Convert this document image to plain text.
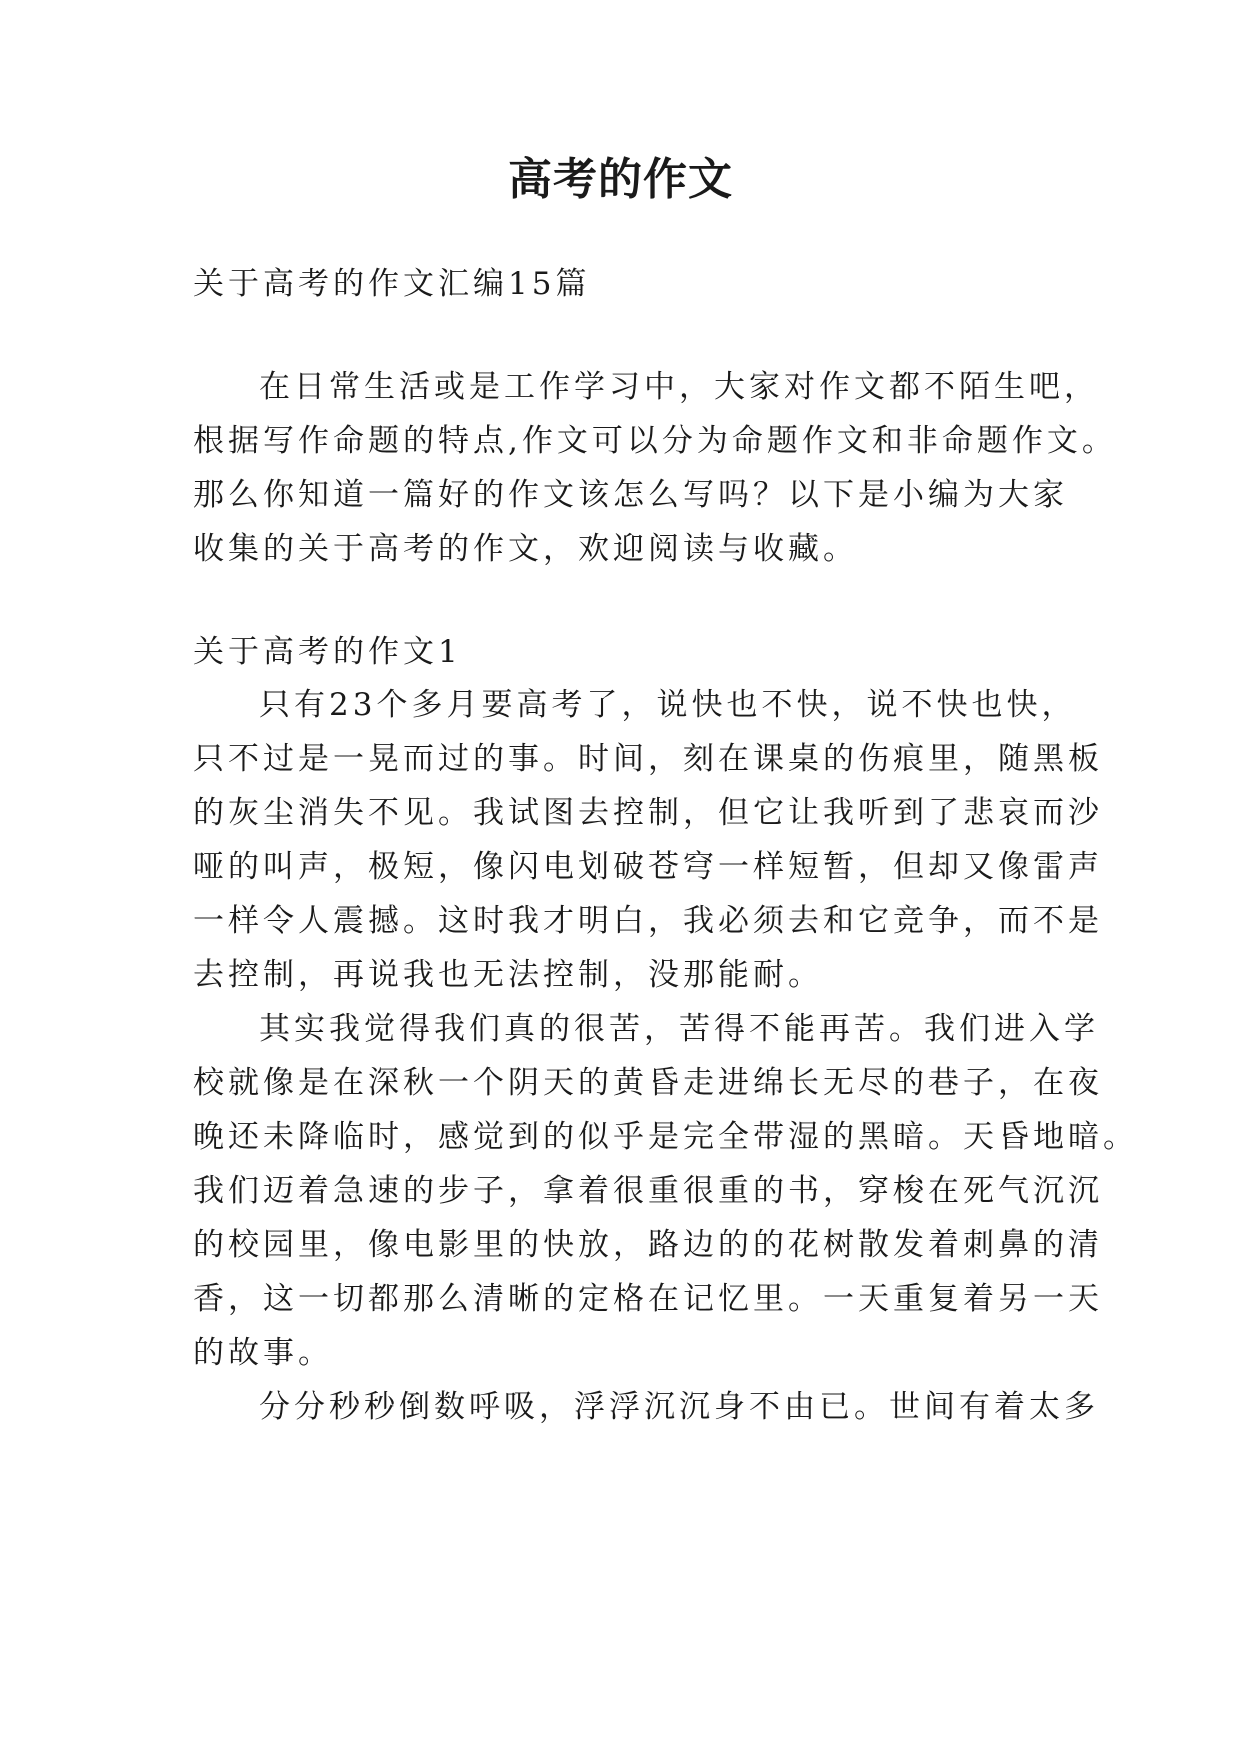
高考的作文

关于高考的作文汇编15篇

在日常生活或是工作学习中，大家对作文都不陌生吧，

根据写作命题的特点,作文可以分为命题作文和非命题作文。

那么你知道一篇好的作文该怎么写吗？以下是小编为大家

收集的关于高考的作文，欢迎阅读与收藏。

关于高考的作文1

只有23个多月要高考了，说快也不快，说不快也快，

只不过是一晃而过的事。时间，刻在课桌的伤痕里，随黑板

的灰尘消失不见。我试图去控制，但它让我听到了悲哀而沙

哑的叫声，极短，像闪电划破苍穹一样短暂，但却又像雷声

一样令人震撼。这时我才明白，我必须去和它竞争，而不是

去控制，再说我也无法控制，没那能耐。

其实我觉得我们真的很苦，苦得不能再苦。我们进入学

校就像是在深秋一个阴天的黄昏走进绵长无尽的巷子，在夜

晚还未降临时，感觉到的似乎是完全带湿的黑暗。天昏地暗。

我们迈着急速的步子，拿着很重很重的书，穿梭在死气沉沉

的校园里，像电影里的快放，路边的的花树散发着刺鼻的清

香，这一切都那么清晰的定格在记忆里。一天重复着另一天

的故事。

分分秒秒倒数呼吸，浮浮沉沉身不由已。世间有着太多
